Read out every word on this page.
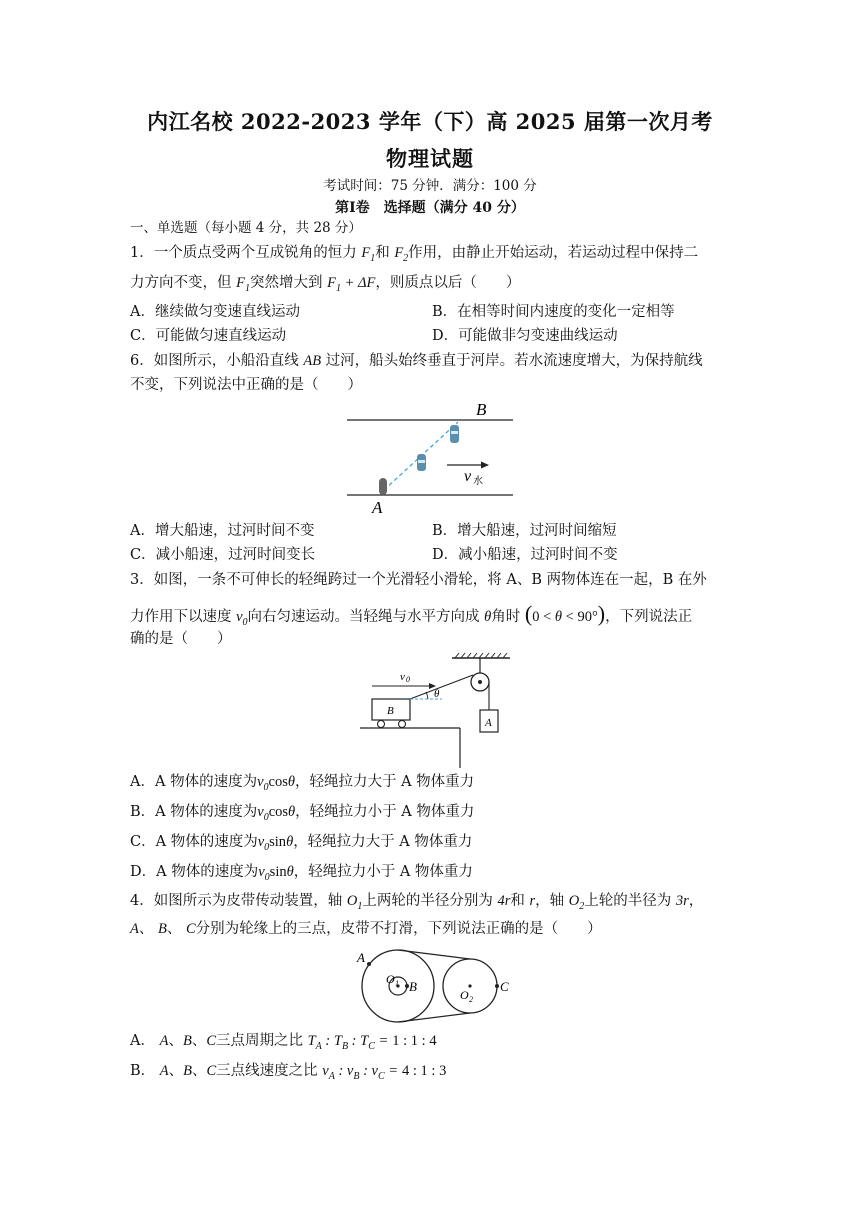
内江名校 2022-2023 学年（下）高 2025 届第一次月考
物理试题
考试时间：75 分钟．满分：100 分
第Ⅰ卷　选择题（满分 40 分）
一、单选题（每小题 4 分，共 28 分）
1．一个质点受两个互成锐角的恒力 $F_1$和 $F_2$作用，由静止开始运动，若运动过程中保持二
力方向不变，但 $F_1$突然增大到 $F_1 + \Delta F$，则质点以后（　　）
A．继续做匀变速直线运动	B．在相等时间内速度的变化一定相等
C．可能做匀速直线运动	D．可能做非匀变速曲线运动
6．如图所示，小船沿直线 AB 过河，船头始终垂直于河岸。若水流速度增大，为保持航线
不变，下列说法中正确的是（　　）
B
A
v 水
A．增大船速，过河时间不变	B．增大船速，过河时间缩短
C．减小船速，过河时间变长	D．减小船速，过河时间不变
3．如图，一条不可伸长的轻绳跨过一个光滑轻小滑轮，将 A、B 两物体连在一起，B 在外
力作用下以速度 $v_0$向右匀速运动。当轻绳与水平方向成 θ角时 (0 < θ < 90°)，下列说法正
确的是（　　）
A
B
θ
v 0
A．A 物体的速度为$v_0\cos\theta$，轻绳拉力大于 A 物体重力
B．A 物体的速度为$v_0\cos\theta$，轻绳拉力小于 A 物体重力
C．A 物体的速度为$v_0\sin\theta$，轻绳拉力大于 A 物体重力
D．A 物体的速度为$v_0\sin\theta$，轻绳拉力小于 A 物体重力
4．如图所示为皮带传动装置，轴 $O_1$上两轮的半径分别为 4r和 r，轴 $O_2$上轮的半径为 3r，
A、 B、 C分别为轮缘上的三点，皮带不打滑，下列说法正确的是（　　）
A
B	C
O 1
O 2
A． A、B、C三点周期之比 $T_A$ : $T_B$ : $T_C = 1$ : 1 : 4
B． A、B、C三点线速度之比 $v_A$ : $v_B$ : $v_C = 4$ : 1 : 3
